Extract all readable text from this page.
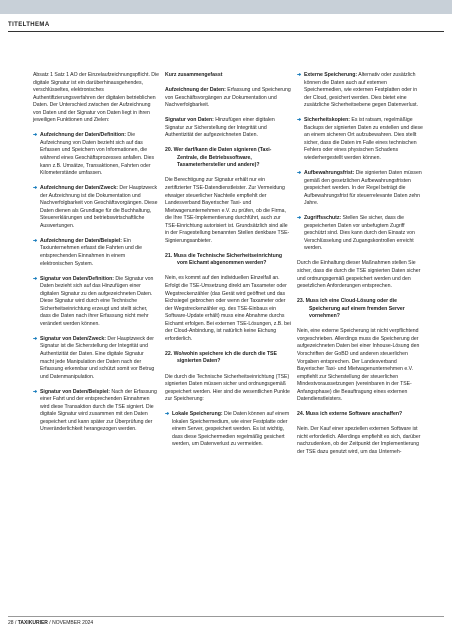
TITELTHEMA

Absatz 1 Satz 1 AO der Einzelaufzeichnungspflicht. Die digitale Signatur ist ein darüberhinausgehendes, verschlüsseltes, elektronisches Authentifizierungsverfahren der digitalen betrieblichen Daten. Der Unterschied zwischen der Aufzeichnung von Daten und der Signatur von Daten liegt in ihren jeweiligen Funktionen und Zielen:

➔ Aufzeichnung der Daten/Definition: Die Aufzeichnung von Daten bezieht sich auf das Erfassen und Speichern von Informationen, die während eines Geschäftsprozesses anfallen. Dies kann z.B. Umsätze, Transaktionen, Fahrten oder Kilometerstände umfassen.
➔ Aufzeichnung der Daten/Zweck: Der Hauptzweck der Aufzeichnung ist die Dokumentation und Nachverfolgbarkeit von Geschäftsvorgängen. Diese Daten dienen als Grundlage für die Buchhaltung, Steuererklärungen und betriebswirtschaftliche Auswertungen.
➔ Aufzeichnung der Daten/Beispiel: Ein Taxiunternehmen erfasst die Fahrten und die entsprechenden Einnahmen in einem elektronischen System.
➔ Signatur von Daten/Definition: Die Signatur von Daten bezieht sich auf das Hinzufügen einer digitalen Signatur zu den aufgezeichneten Daten. Diese Signatur wird durch eine Technische Sicherheitseinrichtung erzeugt und stellt sicher, dass die Daten nach ihrer Erfassung nicht mehr verändert werden können.
➔ Signatur von Daten/Zweck: Der Hauptzweck der Signatur ist die Sicherstellung der Integrität und Authentizität der Daten. Eine digitale Signatur macht jede Manipulation der Daten nach der Erfassung erkennbar und schützt somit vor Betrug und Datenmanipulation.
➔ Signatur von Daten/Beispiel: Nach der Erfassung einer Fahrt und der entsprechenden Einnahmen wird diese Transaktion durch die TSE signiert. Die digitale Signatur wird zusammen mit den Daten gespeichert und kann später zur Überprüfung der Unveränderlichkeit herangezogen werden.
Kurz zusammengefasst

Aufzeichnung der Daten: Erfassung und Speicherung von Geschäftsvorgängen zur Dokumentation und Nachverfolgbarkeit.

Signatur von Daten: Hinzufügen einer digitalen Signatur zur Sicherstellung der Integrität und Authentizität der aufgezeichneten Daten.

20. Wer darf/kann die Daten signieren (Taxi-Zentrale, die Betriebssoftware, Taxameterhersteller und andere)?

Die Berechtigung zur Signatur erhält nur ein zertifizierter TSE-Datendienstleister. Zur Vermeidung etwaiger steuerlicher Nachteile empfiehlt der Landesverband Bayerischer Taxi- und Mietwagenunternehmen e.V. zu prüfen, ob die Firma, die Ihre TSE-Implementierung durchführt, auch zur TSE-Einrichtung autorisiert ist. Grundsätzlich sind alle in der Fragestellung benannten Stellen denkbare TSE-Signierungsanbieter.

21. Muss die Technische Sicherheitseinrichtung vom Eichamt abgenommen werden?

Nein, es kommt auf den individuellen Einzelfall an. Erfolgt die TSE-Umsetzung direkt am Taxameter oder Wegstreckenzähler (das Gerät wird geöffnet und das Eichsiegel gebrochen oder wenn der Taxameter oder der Wegstreckenzähler eg. des TSE-Einbaus ein Software-Update erhält) muss eine Abnahme durchs Eichamt erfolgen. Bei externen TSE-Lösungen, z.B. bei der Cloud-Anbindung, ist natürlich keine Eichung erforderlich.

22. Wo/wohin speichere ich die durch die TSE signierten Daten?

Die durch die Technische Sicherheitseinrichtung (TSE) signierten Daten müssen sicher und ordnungsgemäß gespeichert werden. Hier sind die wesentlichen Punkte zur Speicherung:

➔ Lokale Speicherung: Die Daten können auf einem lokalen Speichermedium, wie einer Festplatte oder einem Server, gespeichert werden. Es ist wichtig, dass diese Speichermedien regelmäßig gesichert werden, um Datenverlust zu vermeiden.
➔ Externe Speicherung: Alternativ oder zusätzlich können die Daten auch auf externen Speichermedien, wie externen Festplatten oder in der Cloud, gesichert werden. Dies bietet eine zusätzliche Sicherheitsebene gegen Datenverlust.
➔ Sicherheitskopien: Es ist ratsam, regelmäßige Backups der signierten Daten zu erstellen und diese an einem sicheren Ort aufzubewahren. Dies stellt sicher, dass die Daten im Falle eines technischen Fehlers oder eines physischen Schadens wiederhergestellt werden können.
➔ Aufbewahrungsfrist: Die signierten Daten müssen gemäß den gesetzlichen Aufbewahrungsfristen gespeichert werden. In der Regel beträgt die Aufbewahrungsfrist für steuerrelevante Daten zehn Jahre.
➔ Zugriffsschutz: Stellen Sie sicher, dass die gespeicherten Daten vor unbefugtem Zugriff geschützt sind. Dies kann durch den Einsatz von Verschlüsselung und Zugangskontrollen erreicht werden.

Durch die Einhaltung dieser Maßnahmen stellen Sie sicher, dass die durch die TSE signierten Daten sicher und ordnungsgemäß gespeichert werden und den gesetzlichen Anforderungen entsprechen.

23. Muss ich eine Cloud-Lösung oder die Speicherung auf einem fremden Server vornehmen?

Nein, eine externe Speicherung ist nicht verpflichtend vorgeschrieben. Allerdings muss die Speicherung der aufgezeichneten Daten bei einer Inhouse-Lösung den Vorschriften der GoBD und anderen steuerlichen Vorgaben entsprechen. Der Landesverband Bayerischer Taxi- und Mietwagenunternehmen e.V. empfiehlt zur Sicherstellung der steuerlichen Mindestvoraussetzungen (vereinbaren in der TSE-Anfangsphase) die Beauftragung eines externen Datendienstleisters.

24. Muss ich externe Software anschaffen?

Nein. Der Kauf einer speziellen externen Software ist nicht erforderlich. Allerdings empfiehlt es sich, darüber nachzudenken, ob der Zeitpunkt der Implementierung der TSE dazu genutzt wird, um das Unterneh-

28 / TAXIKURIER / NOVEMBER 2024
